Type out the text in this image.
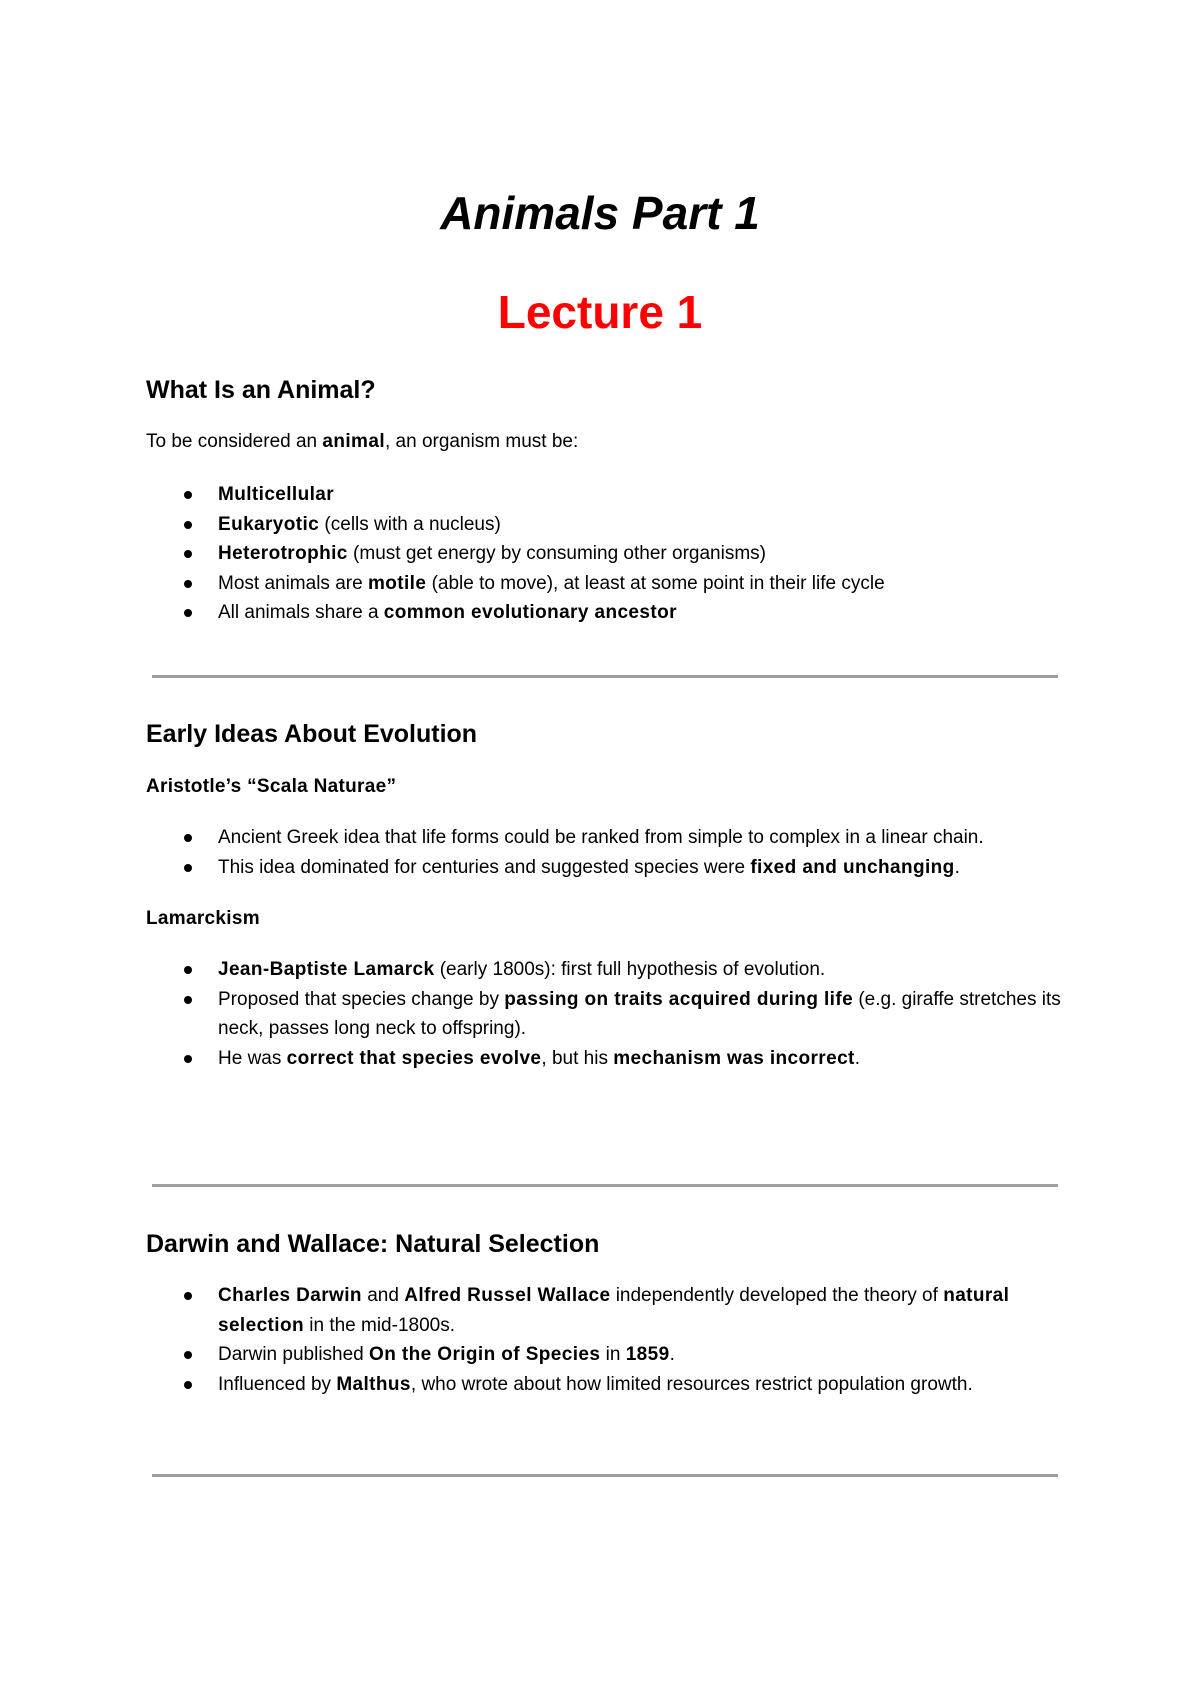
Animals Part 1
Lecture 1
What Is an Animal?

To be considered an animal, an organism must be:

Multicellular
Eukaryotic (cells with a nucleus)
Heterotrophic (must get energy by consuming other organisms)
Most animals are motile (able to move), at least at some point in their life cycle
All animals share a common evolutionary ancestor
Early Ideas About Evolution
Aristotle’s “Scala Naturae”
Ancient Greek idea that life forms could be ranked from simple to complex in a linear chain.
This idea dominated for centuries and suggested species were fixed and unchanging.
Lamarckism
Jean-Baptiste Lamarck (early 1800s): first full hypothesis of evolution.
Proposed that species change by passing on traits acquired during life (e.g. giraffe stretches its neck, passes long neck to offspring).
He was correct that species evolve, but his mechanism was incorrect.
Darwin and Wallace: Natural Selection
Charles Darwin and Alfred Russel Wallace independently developed the theory of natural selection in the mid-1800s.
Darwin published On the Origin of Species in 1859.
Influenced by Malthus, who wrote about how limited resources restrict population growth.
